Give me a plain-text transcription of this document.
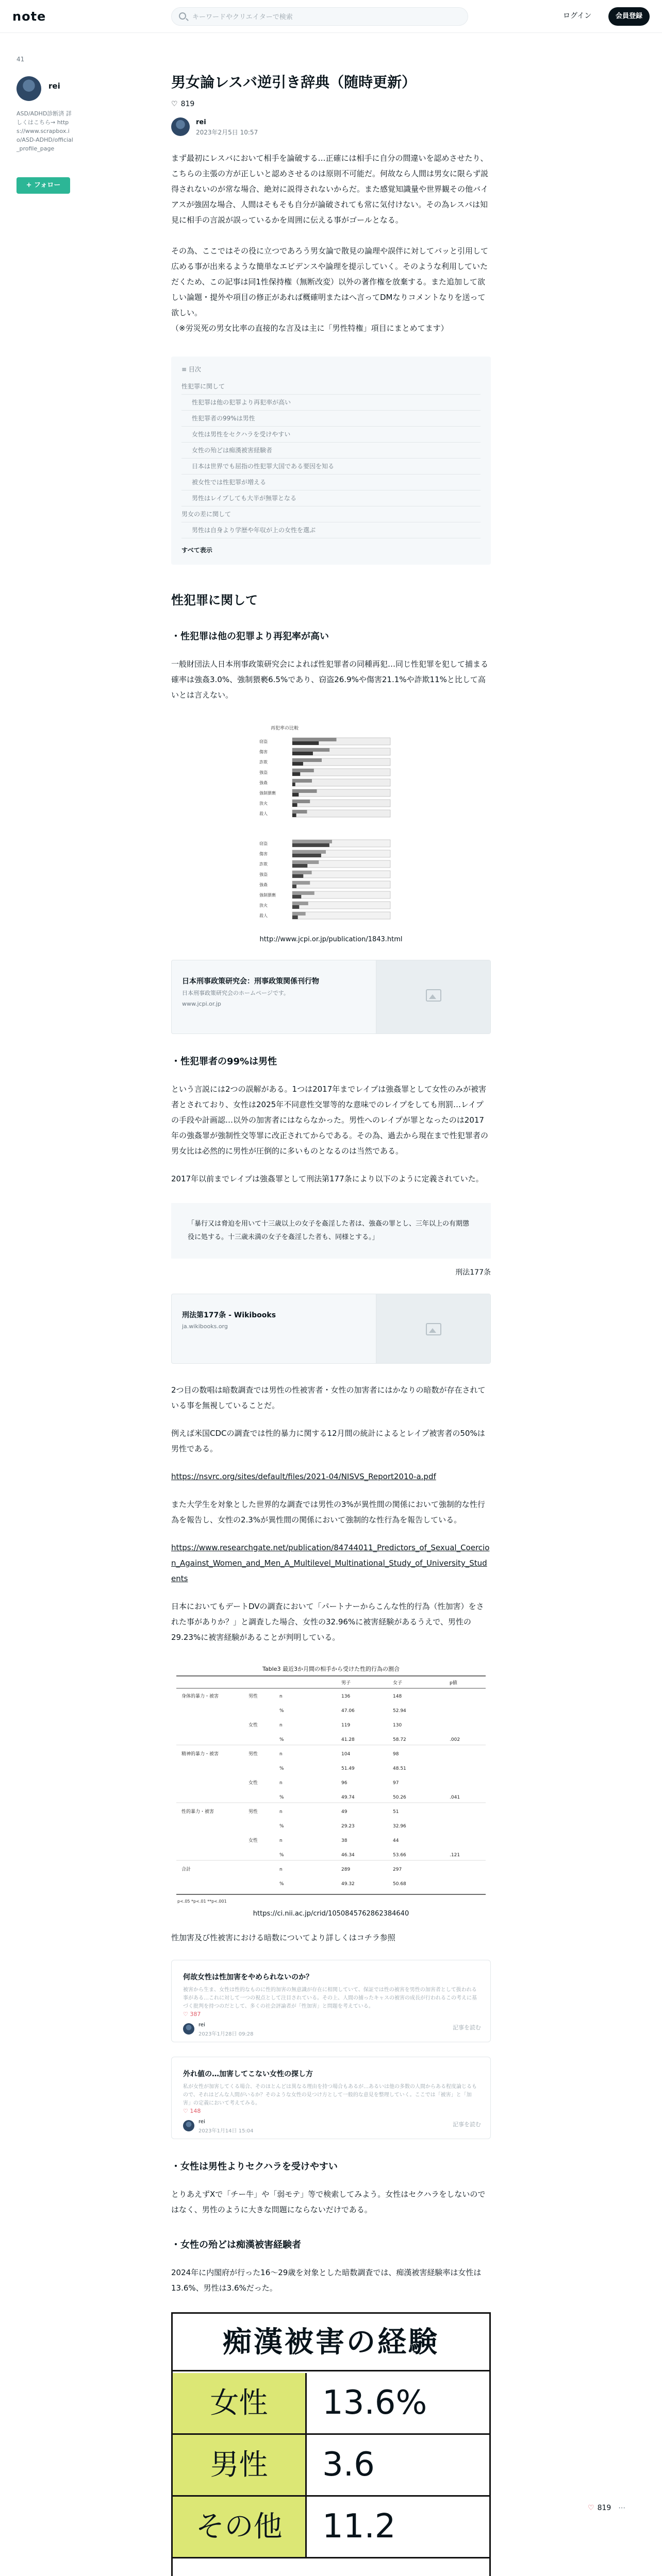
note
キーワードやクリエイターで検索	ログイン	会員登録
41
rei
ASD/ADHD診断済 詳しくはこちら→ https://www.scrapbox.io/ASD-ADHD/official_profile_page
+ フォロー
男女論レスバ逆引き辞典（随時更新）
♡ 819
rei
2023年2月5日 10:57

まず最初にレスバにおいて相手を論破する…正確には相手に自分の間違いを認めさせたり、こちらの主張の方が正しいと認めさせるのは原則不可能だ。何故なら人間は男女に限らず説得されないのが常な場合、絶対に説得されないからだ。また感覚知識量や世界観その他バイアスが強固な場合、人間はそもそも自分が論破されても常に気付けない。その為レスバは知見に相手の言説が誤っているかを周囲に伝える事がゴールとなる。

その為、ここではその役に立つであろう男女論で散見の論理や誤伴に対してバッと引用して広める事が出来るような簡単なエビデンスや論理を提示していく。そのような利用していただくため、この記事は同1性保持権（無断改変）以外の著作権を放棄する。また追加して欲しい論題・提外や項目の修正があれば概確明またはへ言ってDMなりコメントなりを送って欲しい。

（※労災死の男女比率の直接的な言及は主に「男性特権」項目にまとめてます）

≡ 目次
性犯罪に関して
性犯罪は他の犯罪より再犯率が高い
性犯罪者の99%は男性
女性は男性をセクハラを受けやすい
女性の殆どは痴漢被害経験者
日本は世界でも屈指の性犯罪大国である要因を知る
被女性では性犯罪が増える
男性はレイプしても大半が無罪となる
男女の差に関して
男性は自身より学歴や年収が上の女性を選ぶ
すべて表示
性犯罪に関して
・性犯罪は他の犯罪より再犯率が高い

一般財団法人日本刑事政策研究会によれば性犯罪者の同種再犯…同じ性犯罪を犯して捕まる確率は強姦3.0%、強制猥褻6.5%であり、窃盗26.9%や傷害21.1%や詐欺11%と比して高いとは言えない。

再犯率の比較
窃盗
傷害
詐欺
強盗
強姦
強制猥褻
放火
殺人
窃盗
傷害
詐欺
強盗
強姦
強制猥褻
放火
殺人
http://www.jcpi.or.jp/publication/1843.html
日本刑事政策研究会：刑事政策関係刊行物
日本刑事政策研究会のホームページです。
www.jcpi.or.jp
・性犯罪者の99%は男性

という言説には2つの誤解がある。1つは2017年までレイプは強姦罪として女性のみが被害者とされており、女性は2025年不同意性交罪等的な意味でのレイプをしても刑罰…レイプの手段や計画認…以外の加害者にはならなかった。男性へのレイプが罪となったのは2017年の強姦罪が強制性交等罪に改正されてからである。その為、過去から現在まで性犯罪者の男女比は必然的に男性が圧倒的に多いものとなるのは当然である。

2017年以前までレイプは強姦罪として刑法第177条により以下のように定義されていた。

「暴行又は脅迫を用いて十三歳以上の女子を姦淫した者は、強姦の罪とし、三年以上の有期懲役に処する。十三歳未満の女子を姦淫した者も、同様とする。」
刑法177条
刑法第177条 - Wikibooks
ja.wikibooks.org

2つ目の数唱は暗数調査では男性の性被害者・女性の加害者にはかなりの暗数が存在されている事を無視していることだ。

例えば米国CDCの調査では性的暴力に関する12月間の統計によるとレイプ被害者の50%は男性である。

https://nsvrc.org/sites/default/files/2021-04/NISVS_Report2010-a.pdf

また大学生を対象とした世界的な調査では男性の3%が異性間の関係において強制的な性行為を報告し、女性の2.3%が異性間の関係において強制的な性行為を報告している。

https://www.researchgate.net/publication/84744011_Predictors_of_Sexual_Coercion_Against_Women_and_Men_A_Multilevel_Multinational_Study_of_University_Students

日本においてもデートDVの調査において「パートナーからこんな性的行為（性加害）をされた事がありか？」と調査した場合、女性の32.96%に被害経験があるうえで、男性の29.23%に被害経験があることが判明している。

Table3 最近3か月間の相手から受けた性的行為の割合
男子	女子	p値
身体的暴力・被害	男性	n	136	148
%	47.06	52.94
女性	n	119	130
%	41.28	58.72	.002
精神的暴力・被害	男性	n	104	98
%	51.49	48.51
女性	n	96	97
%	49.74	50.26	.041
性的暴力・被害	男性	n	49	51
%	29.23	32.96
女性	n	38	44
%	46.34	53.66	.121
合計	n	289	297
%	49.32	50.68
p<.05 *p<.01 **p<.001
https://ci.nii.ac.jp/crid/1050845762862384640

性加害及び性被害における暗数についてより詳しくはコチラ参照

何故女性は性加害をやめられないのか？
被害から生ま、女性は性的なものに性的加害の無意識が存在に相関していて、保証では性の被害を男性の加害者として扱われる事がある…これに対して一つの視点として注目されている。その上、人間の捕ったキャスの被害の成長が行われるこの考えに基づく批判を持つのだとして、多くの社会評論者が「性加害」と問題を考えている。
♡ 387
rei
2023年1月28日 09:28
記事を読む
外れ値の…加害してこない女性の探し方
私が女性が加害してくる場合、そのほとんどは異なる理由を持つ場合もあるが…あるいは他の多数の人間からある程度論じるもので、それはどんな人間がいるか？そのような女性の見つけ方として一般的な意見を整理していく。ここでは「被害」と「加害」の定義において考えてみる。
♡ 148
rei
2023年1月14日 15:04
記事を読む
・女性は男性よりセクハラを受けやすい

とりあえずXで「チー牛」や「弱モテ」等で検索してみよう。女性はセクハラをしないのではなく、男性のように大きな問題にならないだけである。

・女性の殆どは痴漢被害経験者

2024年に内閣府が行った16〜29歳を対象とした暗数調査では、痴漢被害経験率は女性は13.6%、男性は3.6%だった。

痴漢被害の経験
女性	13.6%
男性	3.6
その他	11.2	♡ 819 ⋯
